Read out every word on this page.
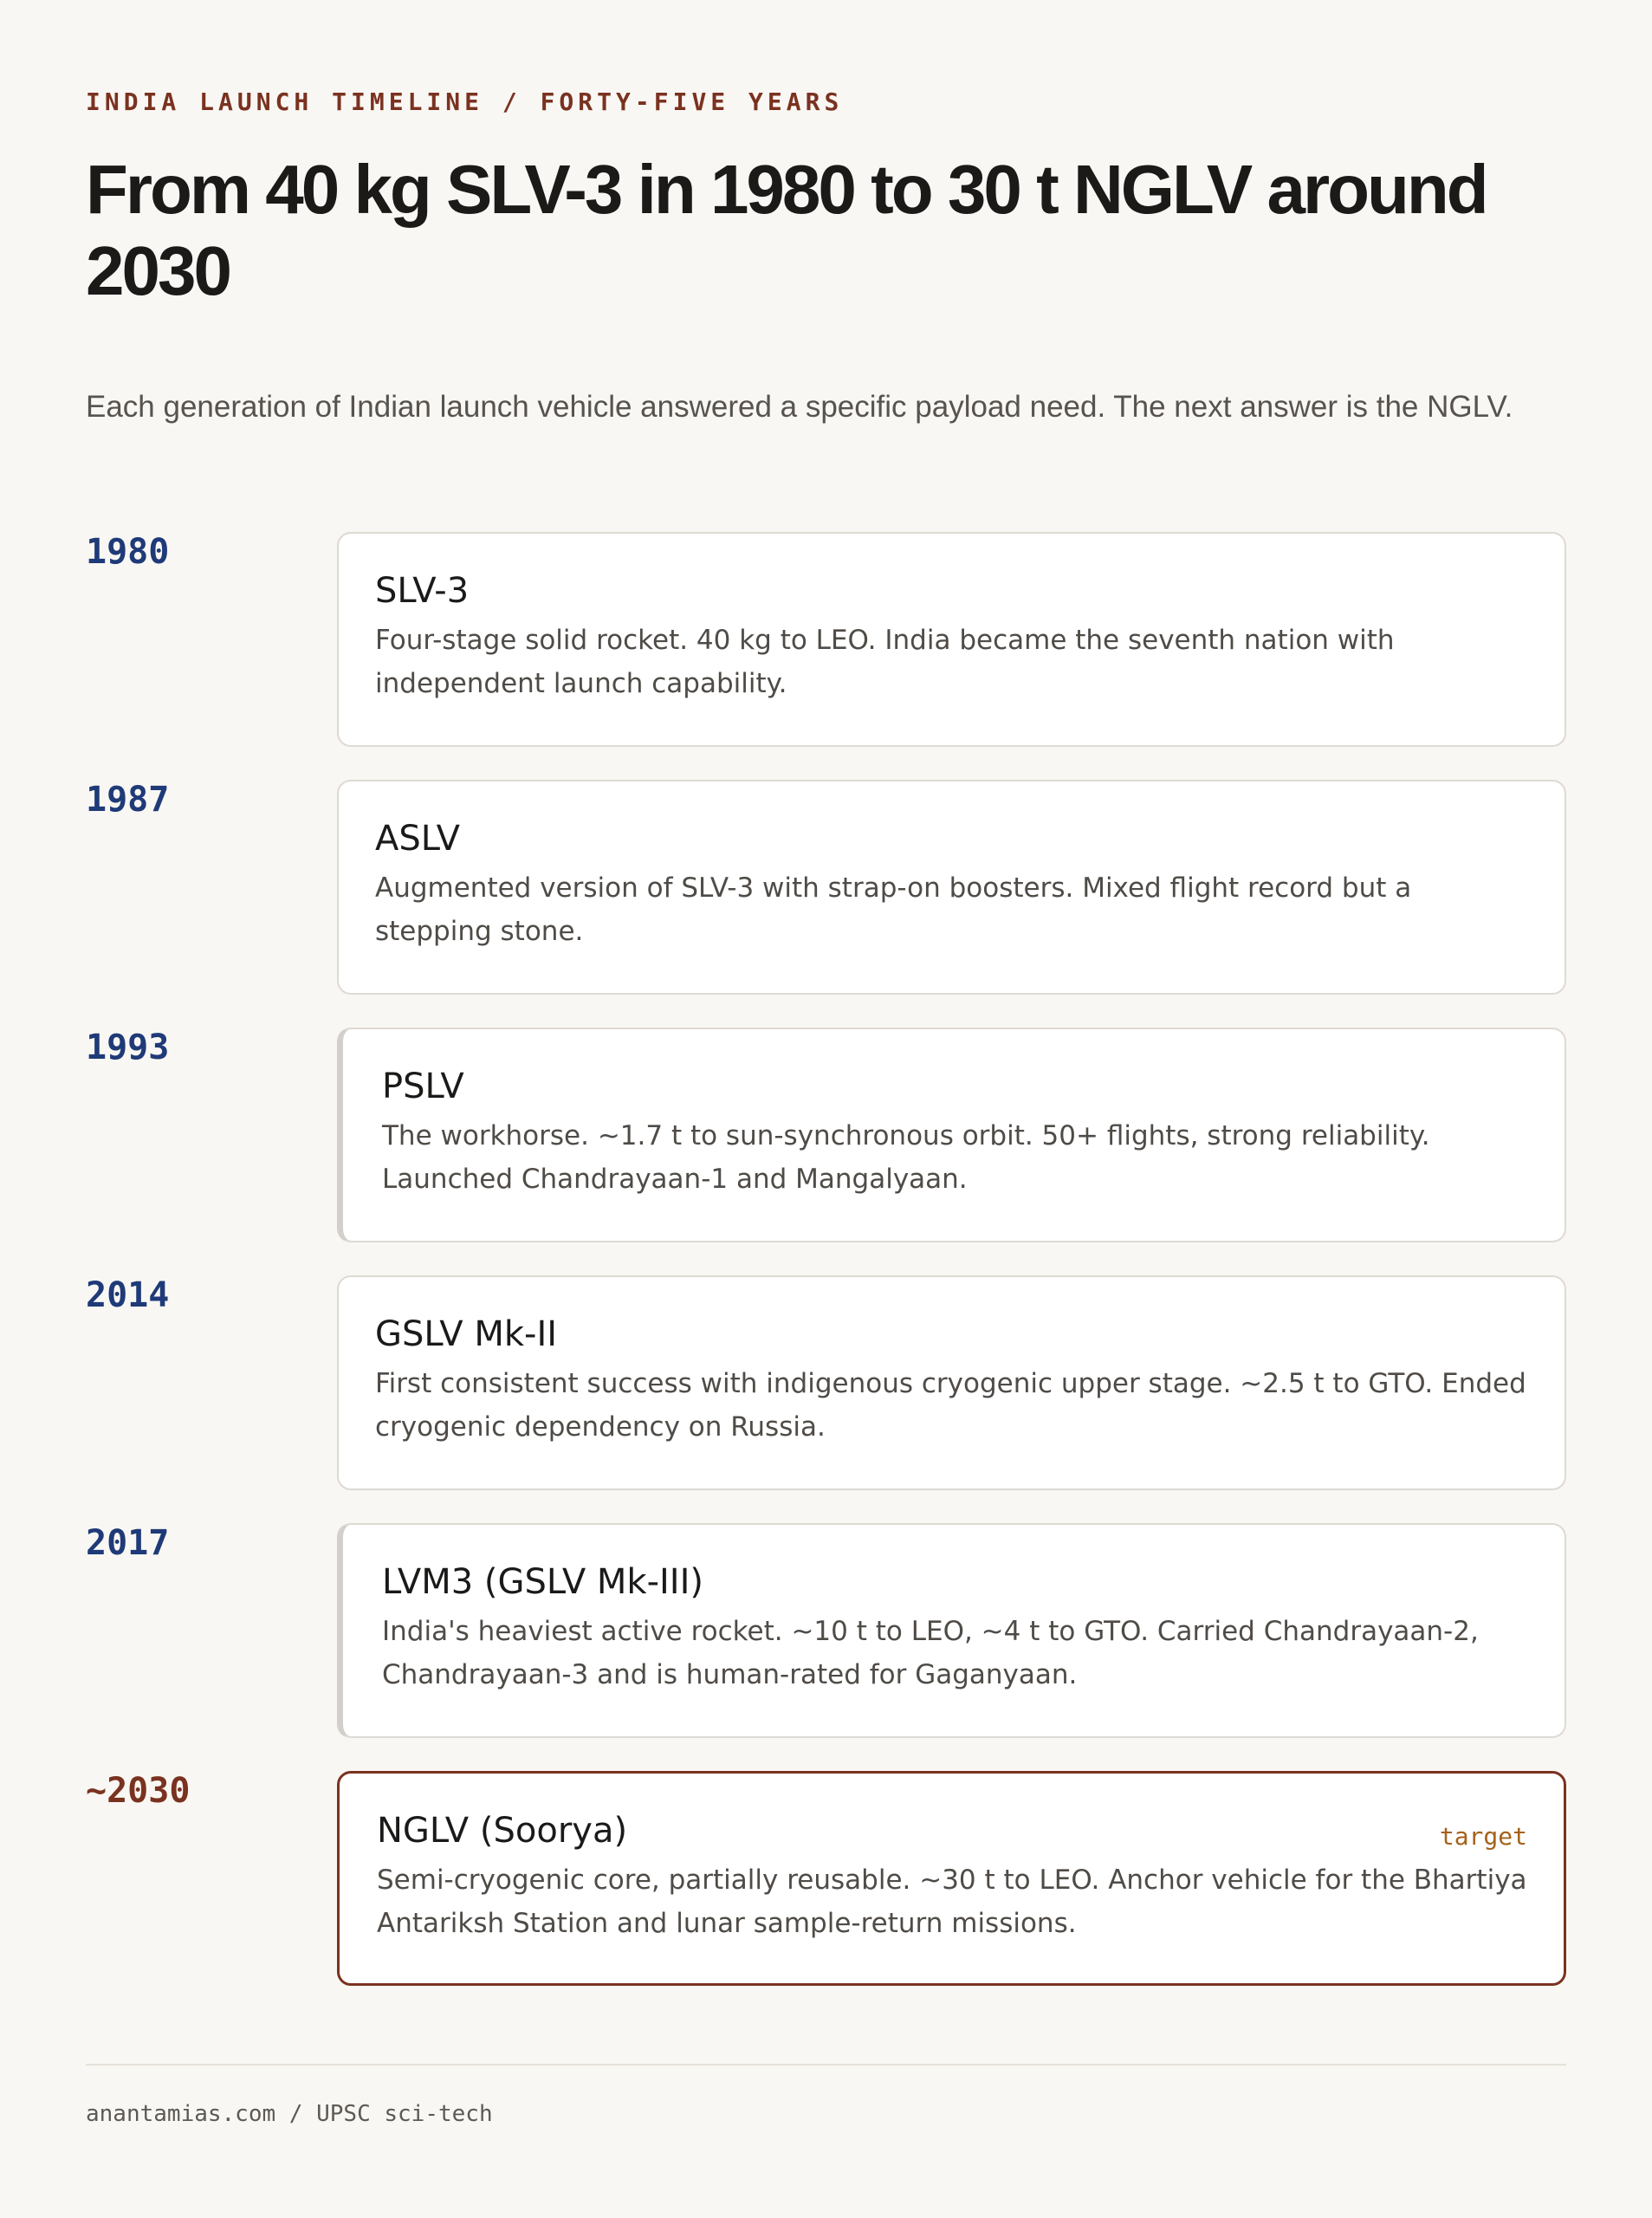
INDIA LAUNCH TIMELINE / FORTY-FIVE YEARS
From 40 kg SLV-3 in 1980 to 30 t NGLV around 2030

Each generation of Indian launch vehicle answered a specific payload need. The next answer is the NGLV.

1980
SLV-3

Four-stage solid rocket. 40 kg to LEO. India became the seventh nation with independent launch capability.

1987
ASLV

Augmented version of SLV-3 with strap-on boosters. Mixed flight record but a stepping stone.

1993
PSLV

The workhorse. ~1.7 t to sun-synchronous orbit. 50+ flights, strong reliability. Launched Chandrayaan-1 and Mangalyaan.

2014
GSLV Mk-II

First consistent success with indigenous cryogenic upper stage. ~2.5 t to GTO. Ended cryogenic dependency on Russia.

2017
LVM3 (GSLV Mk-III)

India's heaviest active rocket. ~10 t to LEO, ~4 t to GTO. Carried Chandrayaan-2, Chandrayaan-3 and is human-rated for Gaganyaan.

~2030
NGLV (Soorya)	target

Semi-cryogenic core, partially reusable. ~30 t to LEO. Anchor vehicle for the Bhartiya Antariksh Station and lunar sample-return missions.

anantamias.com / UPSC sci-tech
